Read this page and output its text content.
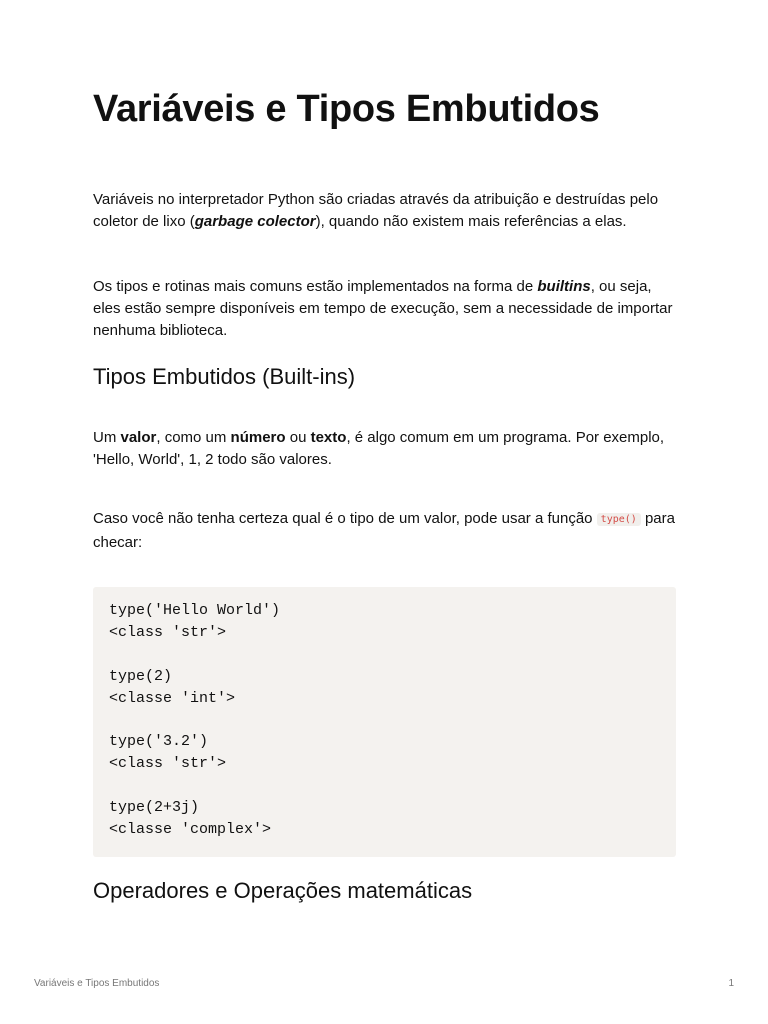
Variáveis e Tipos Embutidos

Variáveis no interpretador Python são criadas através da atribuição e destruídas pelo coletor de lixo (garbage colector), quando não existem mais referências a elas.

Os tipos e rotinas mais comuns estão implementados na forma de builtins, ou seja, eles estão sempre disponíveis em tempo de execução, sem a necessidade de importar nenhuma biblioteca.

Tipos Embutidos (Built-ins)

Um valor, como um número ou texto, é algo comum em um programa. Por exemplo, 'Hello, World', 1, 2 todo são valores.

Caso você não tenha certeza qual é o tipo de um valor, pode usar a função type() para checar:

type('Hello World')
<class 'str'>

type(2)
<classe 'int'>

type('3.2')
<class 'str'>

type(2+3j)
<classe 'complex'>
Operadores e Operações matemáticas
Variáveis e Tipos Embutidos	1
